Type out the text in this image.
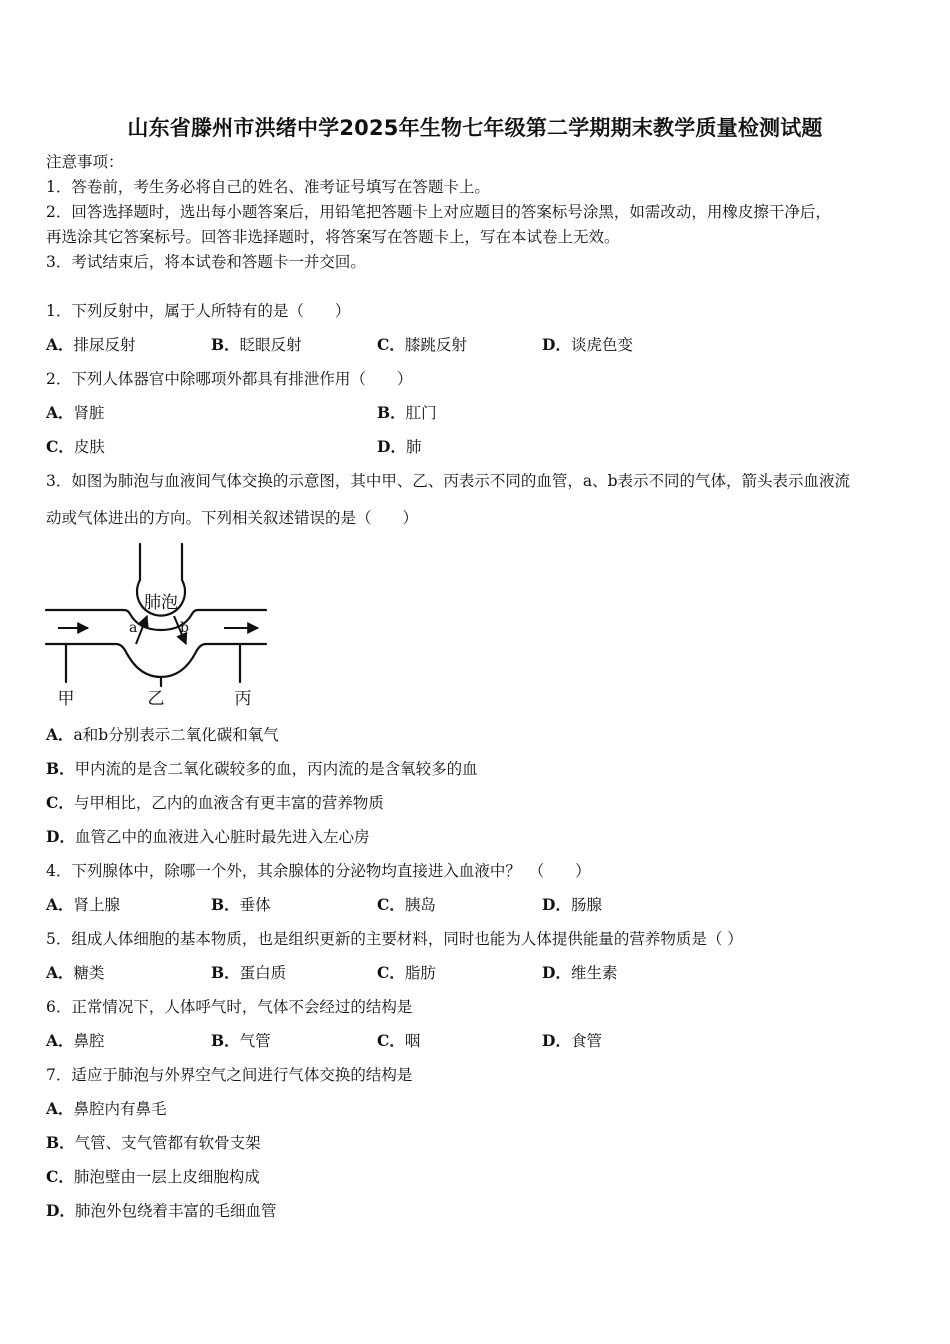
山东省滕州市洪绪中学2025年生物七年级第二学期期末教学质量检测试题
注意事项：
1．答卷前，考生务必将自己的姓名、准考证号填写在答题卡上。
2．回答选择题时，选出每小题答案后，用铅笔把答题卡上对应题目的答案标号涂黑，如需改动，用橡皮擦干净后，
再选涂其它答案标号。回答非选择题时，将答案写在答题卡上，写在本试卷上无效。
3．考试结束后，将本试卷和答题卡一并交回。
1．下列反射中，属于人所特有的是（　　）
A．排尿反射	B．眨眼反射	C．膝跳反射	D．谈虎色变
2．下列人体器官中除哪项外都具有排泄作用（　　）
A．肾脏	B．肛门
C．皮肤	D．肺
3．如图为肺泡与血液间气体交换的示意图，其中甲、乙、丙表示不同的血管，a、b表示不同的气体，箭头表示血液流
动或气体进出的方向。下列相关叙述错误的是（　　）
肺泡
a	b
甲	乙	丙
A．a和b分别表示二氧化碳和氧气
B．甲内流的是含二氧化碳较多的血，丙内流的是含氧较多的血
C．与甲相比，乙内的血液含有更丰富的营养物质
D．血管乙中的血液进入心脏时最先进入左心房
4．下列腺体中，除哪一个外，其余腺体的分泌物均直接进入血液中？　（　　）
A．肾上腺	B．垂体	C．胰岛	D．肠腺
5．组成人体细胞的基本物质，也是组织更新的主要材料，同时也能为人体提供能量的营养物质是（ ）
A．糖类	B．蛋白质	C．脂肪	D．维生素
6．正常情况下，人体呼气时，气体不会经过的结构是
A．鼻腔	B．气管	C．咽	D．食管
7．适应于肺泡与外界空气之间进行气体交换的结构是
A．鼻腔内有鼻毛
B．气管、支气管都有软骨支架
C．肺泡壁由一层上皮细胞构成
D．肺泡外包绕着丰富的毛细血管
